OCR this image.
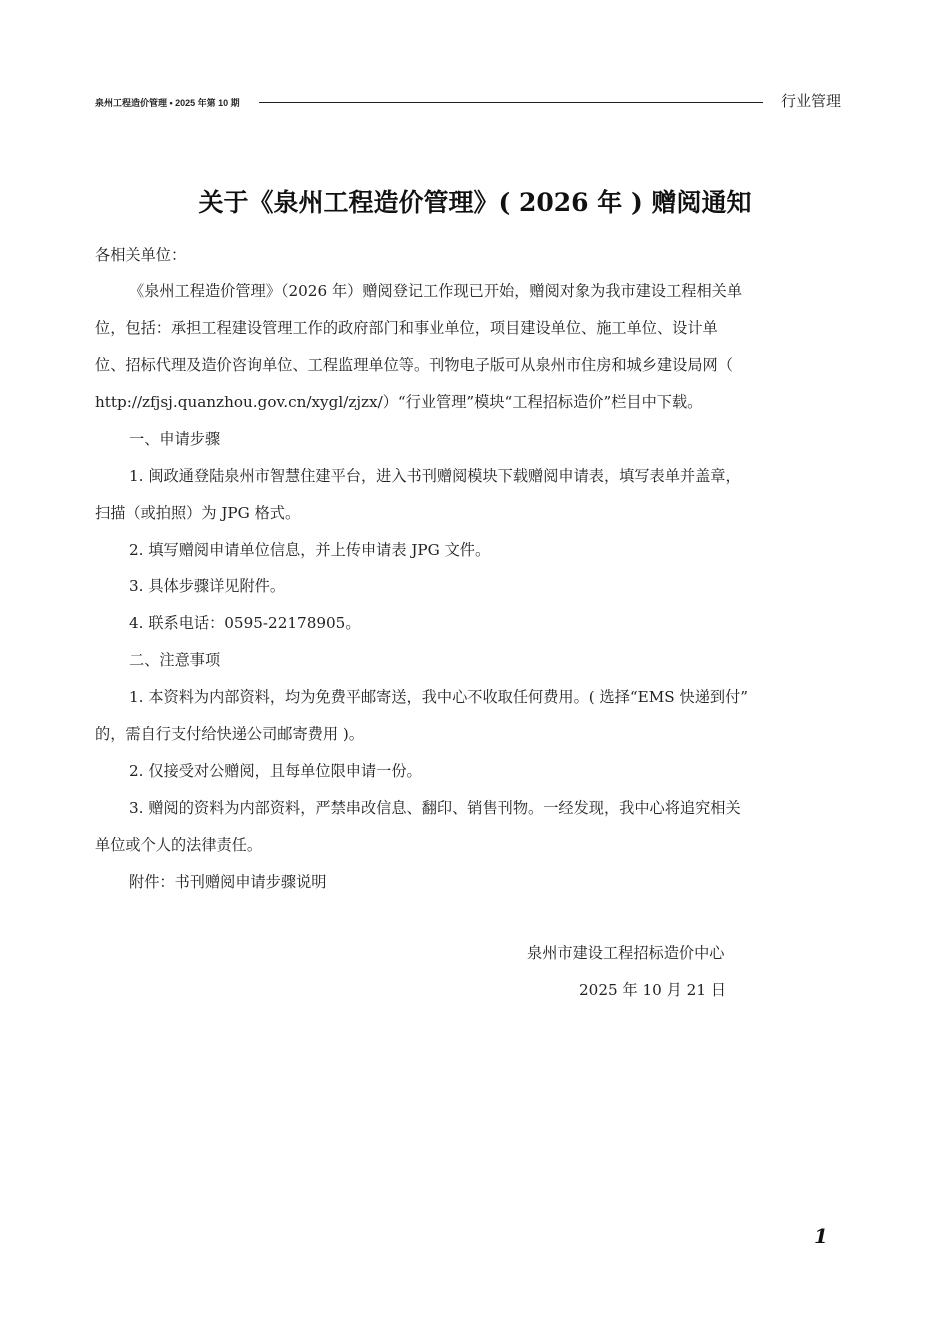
泉州工程造价管理 • 2025 年第 10 期	行业管理
关于《泉州工程造价管理》( 2026 年 ) 赠阅通知
各相关单位：
《泉州工程造价管理》（2026 年）赠阅登记工作现已开始，赠阅对象为我市建设工程相关单
位，包括：承担工程建设管理工作的政府部门和事业单位，项目建设单位、施工单位、设计单
位、招标代理及造价咨询单位、工程监理单位等。刊物电子版可从泉州市住房和城乡建设局网（
http://zfjsj.quanzhou.gov.cn/xygl/zjzx/）“行业管理”模块“工程招标造价”栏目中下载。
一、申请步骤
1. 闽政通登陆泉州市智慧住建平台，进入书刊赠阅模块下载赠阅申请表，填写表单并盖章，
扫描（或拍照）为 JPG 格式。
2. 填写赠阅申请单位信息，并上传申请表 JPG 文件。
3. 具体步骤详见附件。
4. 联系电话：0595-22178905。
二、注意事项
1. 本资料为内部资料，均为免费平邮寄送，我中心不收取任何费用。( 选择“EMS 快递到付”
的，需自行支付给快递公司邮寄费用 )。
2. 仅接受对公赠阅，且每单位限申请一份。
3. 赠阅的资料为内部资料，严禁串改信息、翻印、销售刊物。一经发现，我中心将追究相关
单位或个人的法律责任。
附件：书刊赠阅申请步骤说明
泉州市建设工程招标造价中心
2025 年 10 月 21 日
1
